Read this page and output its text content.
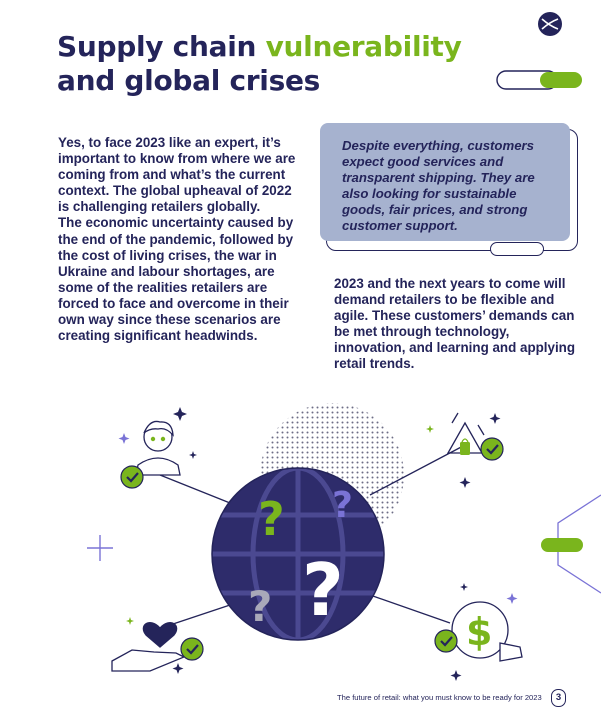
Supply chain vulnerability
and global crises

Yes, to face 2023 like an expert, it’s important to know from where we are coming from and what’s the current context. The global upheaval of 2022 is challenging retailers globally.

The economic uncertainty caused by the end of the pandemic, followed by the cost of living crises, the war in Ukraine and labour shortages, are some of the realities retailers are forced to face and overcome in their own way since these scenarios are creating significant headwinds.

Despite everything, customers expect good services and transparent shipping. They are also looking for sustainable goods, fair prices, and strong customer support.

2023 and the next years to come will demand retailers to be flexible and agile. These customers’ demands can be met through technology, innovation, and learning and applying retail trends.

? ?
?
?
$
The future of retail: what you must know to be ready for 2023	3
